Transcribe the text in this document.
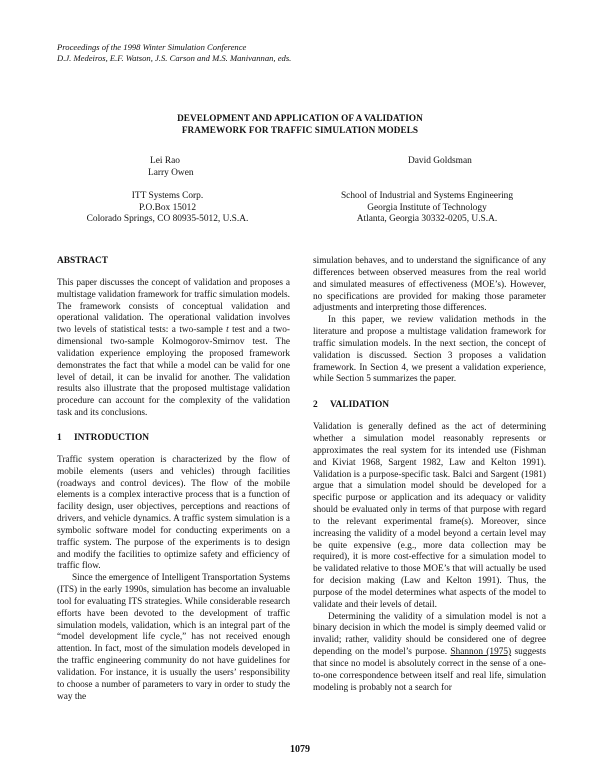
Proceedings of the 1998 Winter Simulation Conference
D.J. Medeiros, E.F. Watson, J.S. Carson and M.S. Manivannan, eds.
DEVELOPMENT AND APPLICATION OF A VALIDATION
FRAMEWORK FOR TRAFFIC SIMULATION MODELS
Lei Rao
Larry Owen
ITT Systems Corp.
P.O.Box 15012
Colorado Springs, CO 80935-5012, U.S.A.
David Goldsman
School of Industrial and Systems Engineering
Georgia Institute of Technology
Atlanta, Georgia 30332-0205, U.S.A.

ABSTRACT

This paper discusses the concept of validation and proposes a multistage validation framework for traffic simulation models. The framework consists of conceptual validation and operational validation. The operational validation involves two levels of statistical tests: a two-sample t test and a two-dimensional two-sample Kolmogorov-Smirnov test. The validation experience employing the proposed framework demonstrates the fact that while a model can be valid for one level of detail, it can be invalid for another. The validation results also illustrate that the proposed multistage validation procedure can account for the complexity of the validation task and its conclusions.

1 INTRODUCTION

Traffic system operation is characterized by the flow of mobile elements (users and vehicles) through facilities (roadways and control devices). The flow of the mobile elements is a complex interactive process that is a function of facility design, user objectives, perceptions and reactions of drivers, and vehicle dynamics. A traffic system simulation is a symbolic software model for conducting experiments on a traffic system. The purpose of the experiments is to design and modify the facilities to optimize safety and efficiency of traffic flow.

Since the emergence of Intelligent Transportation Systems (ITS) in the early 1990s, simulation has become an invaluable tool for evaluating ITS strategies. While considerable research efforts have been devoted to the development of traffic simulation models, validation, which is an integral part of the “model development life cycle,” has not received enough attention. In fact, most of the simulation models developed in the traffic engineering community do not have guidelines for validation. For instance, it is usually the users’ responsibility to choose a number of parameters to vary in order to study the way the

simulation behaves, and to understand the significance of any differences between observed measures from the real world and simulated measures of effectiveness (MOE’s). However, no specifications are provided for making those parameter adjustments and interpreting those differences.

In this paper, we review validation methods in the literature and propose a multistage validation framework for traffic simulation models. In the next section, the concept of validation is discussed. Section 3 proposes a validation framework. In Section 4, we present a validation experience, while Section 5 summarizes the paper.

2 VALIDATION

Validation is generally defined as the act of determining whether a simulation model reasonably represents or approximates the real system for its intended use (Fishman and Kiviat 1968, Sargent 1982, Law and Kelton 1991). Validation is a purpose-specific task. Balci and Sargent (1981) argue that a simulation model should be developed for a specific purpose or application and its adequacy or validity should be evaluated only in terms of that purpose with regard to the relevant experimental frame(s). Moreover, since increasing the validity of a model beyond a certain level may be quite expensive (e.g., more data collection may be required), it is more cost-effective for a simulation model to be validated relative to those MOE’s that will actually be used for decision making (Law and Kelton 1991). Thus, the purpose of the model determines what aspects of the model to validate and their levels of detail.

Determining the validity of a simulation model is not a binary decision in which the model is simply deemed valid or invalid; rather, validity should be considered one of degree depending on the model’s purpose. Shannon (1975) suggests that since no model is absolutely correct in the sense of a one-to-one correspondence between itself and real life, simulation modeling is probably not a search for

1079
